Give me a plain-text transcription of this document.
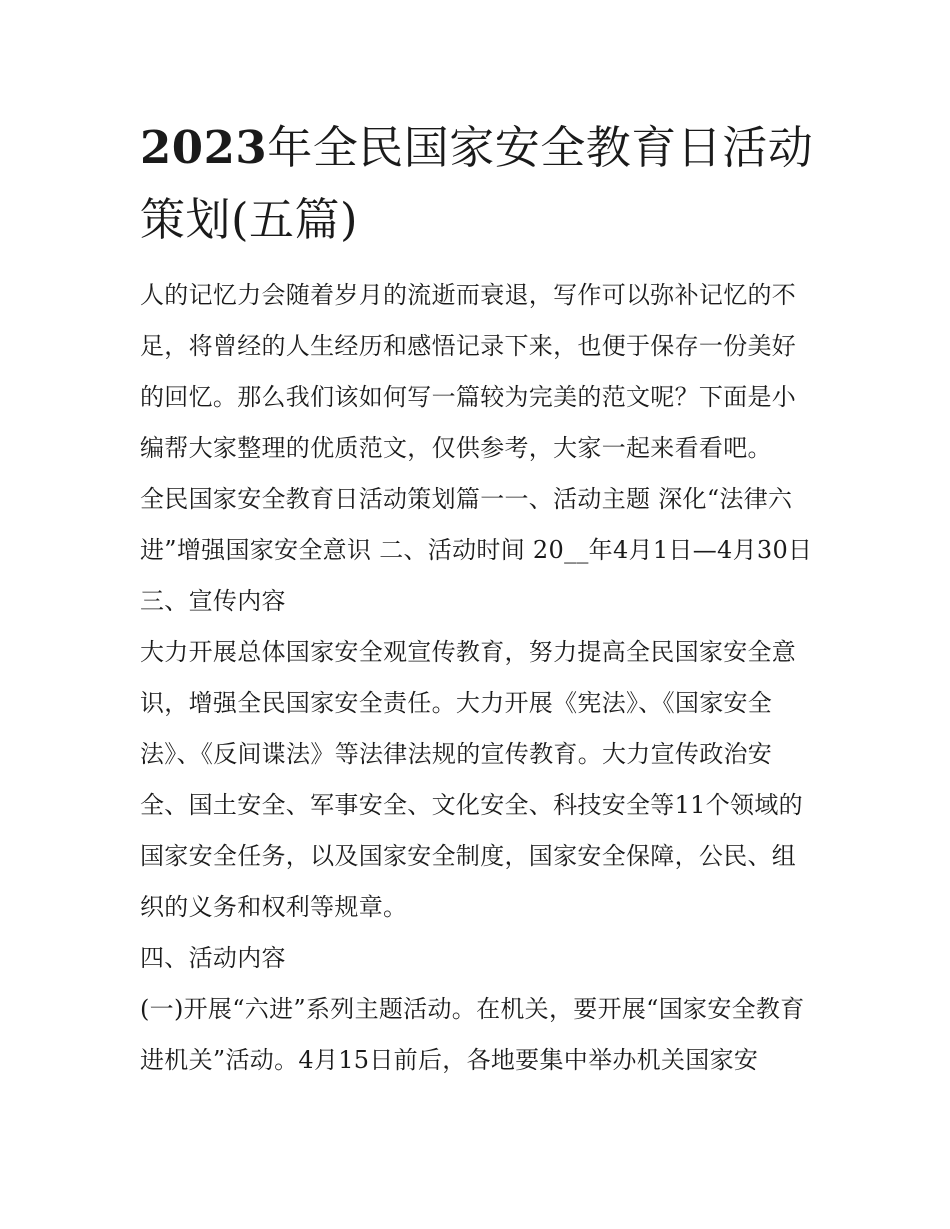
2023年全民国家安全教育日活动策划(五篇)

人的记忆力会随着岁月的流逝而衰退，写作可以弥补记忆的不足，将曾经的人生经历和感悟记录下来，也便于保存一份美好的回忆。那么我们该如何写一篇较为完美的范文呢？下面是小编帮大家整理的优质范文，仅供参考，大家一起来看看吧。

全民国家安全教育日活动策划篇一一、活动主题 深化“法律六进”增强国家安全意识 二、活动时间 20__年4月1日—4月30日 三、宣传内容

大力开展总体国家安全观宣传教育，努力提高全民国家安全意识，增强全民国家安全责任。大力开展《宪法》、《国家安全法》、《反间谍法》等法律法规的宣传教育。大力宣传政治安全、国土安全、军事安全、文化安全、科技安全等11个领域的国家安全任务，以及国家安全制度，国家安全保障，公民、组织的义务和权利等规章。

四、活动内容

(一)开展“六进”系列主题活动。在机关，要开展“国家安全教育进机关”活动。4月15日前后，各地要集中举办机关国家安
